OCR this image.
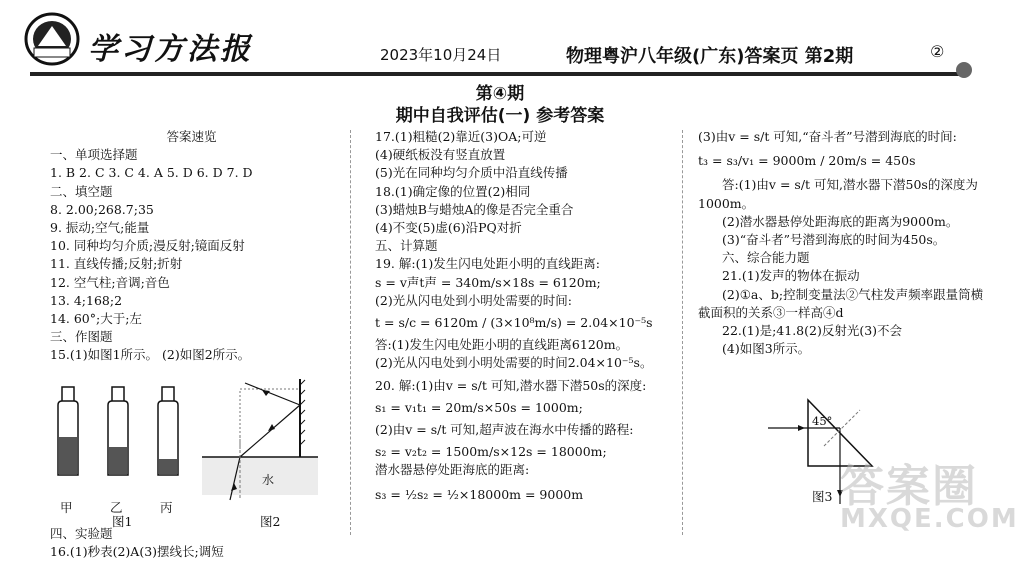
学习方法报	2023年10月24日	物理粤沪八年级(广东)答案页 第2期	②
第④期
期中自我评估(一) 参考答案
答案速览
一、单项选择题
1. B 2. C 3. C 4. A 5. D 6. D 7. D
二、填空题
8. 2.00;268.7;35
9. 振动;空气;能量
10. 同种均匀介质;漫反射;镜面反射
11. 直线传播;反射;折射
12. 空气柱;音调;音色
13. 4;168;2
14. 60°;大于;左
三、作图题
15.(1)如图1所示。 (2)如图2所示。
甲	乙	丙
图1
水
图2
四、实验题
16.(1)秒表(2)A(3)摆线长;调短
17.(1)粗糙(2)靠近(3)OA;可逆
(4)硬纸板没有竖直放置
(5)光在同种均匀介质中沿直线传播
18.(1)确定像的位置(2)相同
(3)蜡烛B与蜡烛A的像是否完全重合
(4)不变(5)虚(6)沿PQ对折
五、计算题
19. 解:(1)发生闪电处距小明的直线距离:
s = v声t声 = 340m/s×18s = 6120m;
(2)光从闪电处到小明处需要的时间:
t = s/c = 6120m / (3×10⁸m/s) = 2.04×10⁻⁵s
答:(1)发生闪电处距小明的直线距离6120m。
(2)光从闪电处到小明处需要的时间2.04×10⁻⁵s。
20. 解:(1)由v = s/t 可知,潜水器下潜50s的深度:
s₁ = v₁t₁ = 20m/s×50s = 1000m;
(2)由v = s/t 可知,超声波在海水中传播的路程:
s₂ = v₂t₂ = 1500m/s×12s = 18000m;
潜水器悬停处距海底的距离:
s₃ = ½s₂ = ½×18000m = 9000m
(3)由v = s/t 可知,“奋斗者”号潜到海底的时间:
t₃ = s₃/v₁ = 9000m / 20m/s = 450s
答:(1)由v = s/t 可知,潜水器下潜50s的深度为
1000m。
(2)潜水器悬停处距海底的距离为9000m。
(3)“奋斗者”号潜到海底的时间为450s。
六、综合能力题
21.(1)发声的物体在振动
(2)①a、b;控制变量法②气柱发声频率跟量筒横
截面积的关系③一样高④d
22.(1)是;41.8(2)反射光(3)不会
(4)如图3所示。
45°
图3 答案圈
MXQE.COM
